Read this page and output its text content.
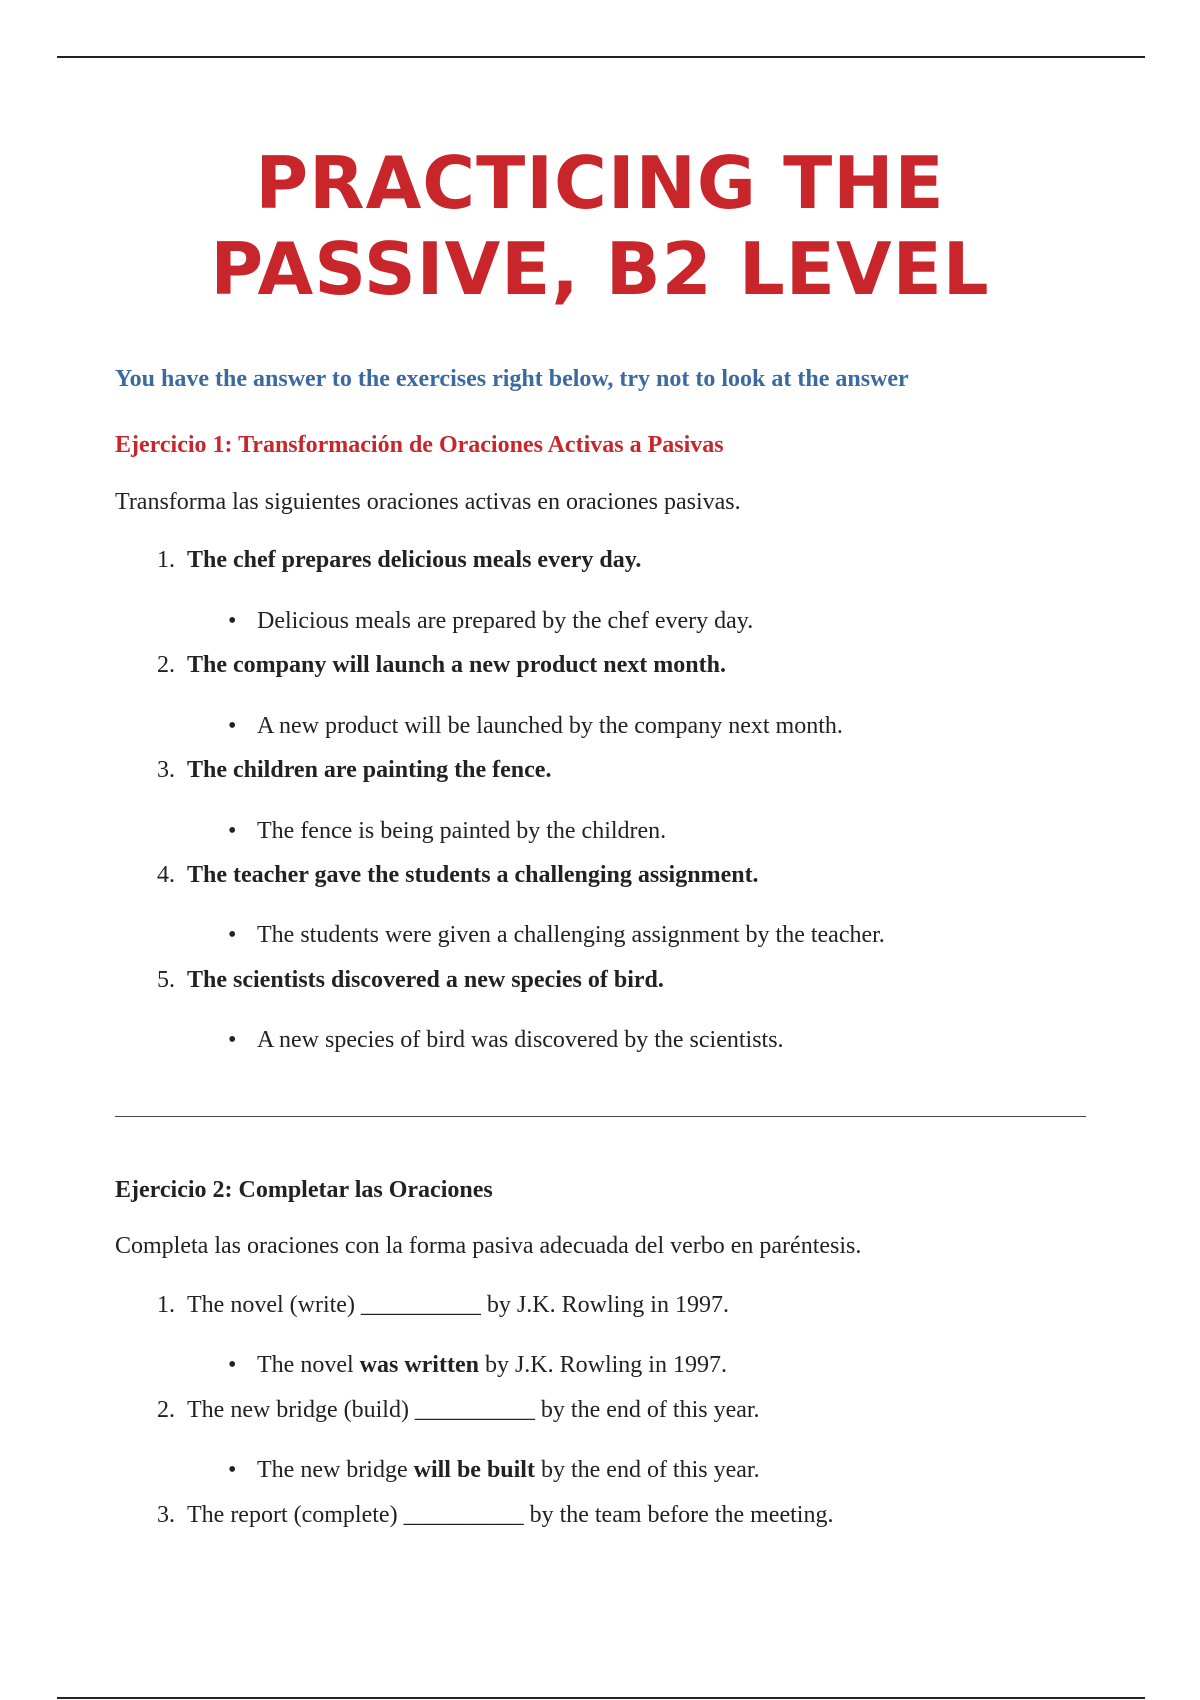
PRACTICING THE PASSIVE, B2 LEVEL

You have the answer to the exercises right below, try not to look at the answer

Ejercicio 1: Transformación de Oraciones Activas a Pasivas

Transforma las siguientes oraciones activas en oraciones pasivas.

1. The chef prepares delicious meals every day.

• Delicious meals are prepared by the chef every day.

2. The company will launch a new product next month.

• A new product will be launched by the company next month.

3. The children are painting the fence.

• The fence is being painted by the children.

4. The teacher gave the students a challenging assignment.

• The students were given a challenging assignment by the teacher.

5. The scientists discovered a new species of bird.

• A new species of bird was discovered by the scientists.

Ejercicio 2: Completar las Oraciones

Completa las oraciones con la forma pasiva adecuada del verbo en paréntesis.

1. The novel (write) __________ by J.K. Rowling in 1997.

• The novel was written by J.K. Rowling in 1997.

2. The new bridge (build) __________ by the end of this year.

• The new bridge will be built by the end of this year.

3. The report (complete) __________ by the team before the meeting.
